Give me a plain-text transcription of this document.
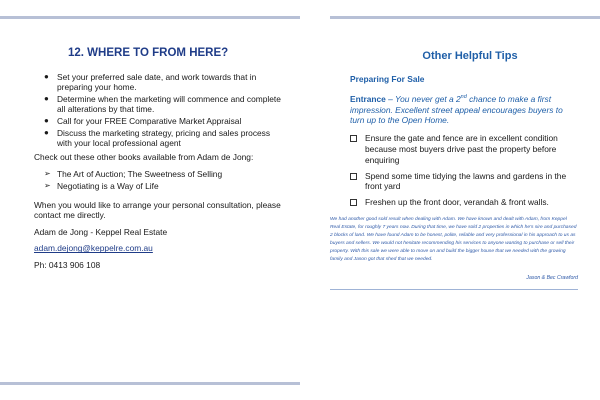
12. WHERE TO FROM HERE?
● Set your preferred sale date, and work towards that in preparing your home.
● Determine when the marketing will commence and complete all alterations by that time.
● Call for your FREE Comparative Market Appraisal
● Discuss the marketing strategy, pricing and sales process with your local professional agent
Check out these other books available from Adam de Jong:
➢ The Art of Auction; The Sweetness of Selling
➢ Negotiating is a Way of Life
When you would like to arrange your personal consultation, please contact me directly.
Adam de Jong - Keppel Real Estate
adam.dejong@keppelre.com.au
Ph: 0413 906 108
Other Helpful Tips
Preparing For Sale
Entrance – You never get a 2nd chance to make a first impression. Excellent street appeal encourages buyers to turn up to the Open Home.
Ensure the gate and fence are in excellent condition because most buyers drive past the property before enquiring
Spend some time tidying the lawns and gardens in the front yard
Freshen up the front door, verandah & front walls.
We had another good sold result when dealing with Adam. We have known and dealt with Adam, from Keppel Real Estate, for roughly 7 years now. During that time, we have sold 2 properties in which he's sire and purchased 2 blocks of land. We have found Adam to be honest, polite, reliable and very professional in his approach to us as buyers and sellers. We would not hesitate recommending his services to anyone wanting to purchase or sell their property. With this sale we were able to move on and build the bigger house that we needed with the growing family and Jason got that shed that we needed.
Jason & Bec Crawford
